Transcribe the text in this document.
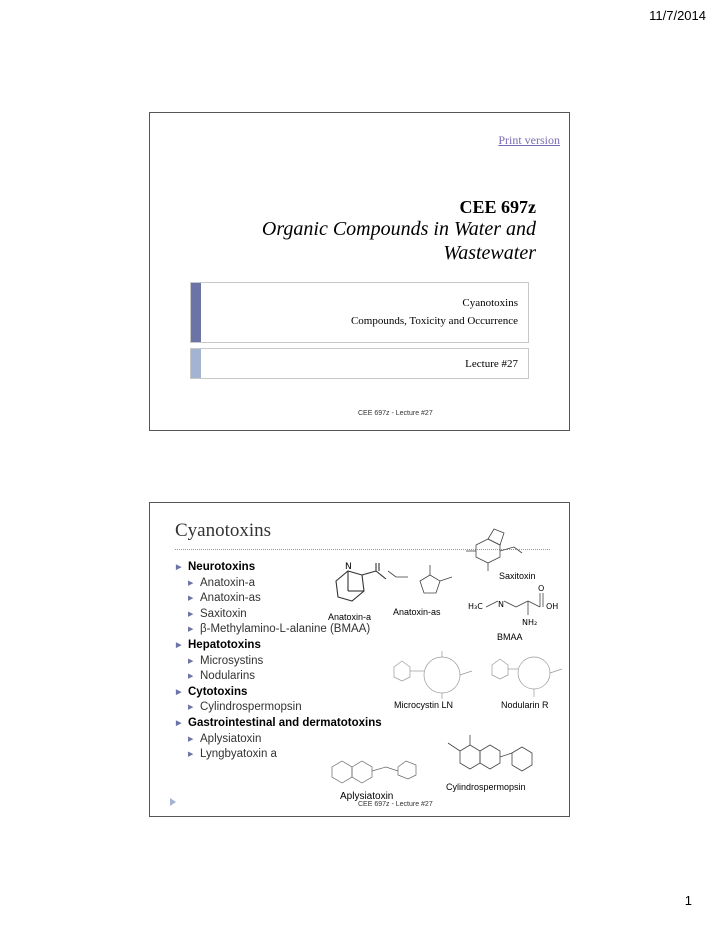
11/7/2014
Print version
CEE 697z
Organic Compounds in Water and
Wastewater
Cyanotoxins
Compounds, Toxicity and Occurrence
Lecture #27
CEE 697z - Lecture #27
Cyanotoxins
▶ Neurotoxins
▶ Anatoxin-a
▶ Anatoxin-as
▶ Saxitoxin
▶ β-Methylamino-L-alanine (BMAA)
▶ Hepatotoxins
▶ Microsystins
▶ Nodularins
▶ Cytotoxins
▶ Cylindrospermopsin
▶ Gastrointestinal and dermatotoxins
▶ Aplysiatoxin
▶ Lyngbyatoxin a
Saxitoxin
N
Anatoxin-a Anatoxin-as
H₃C N	OH
O
NH₂
BMAA
Microcystin LN	Nodularin R
Cylindrospermopsin
Aplysiatoxin
CEE 697z - Lecture #27
1
